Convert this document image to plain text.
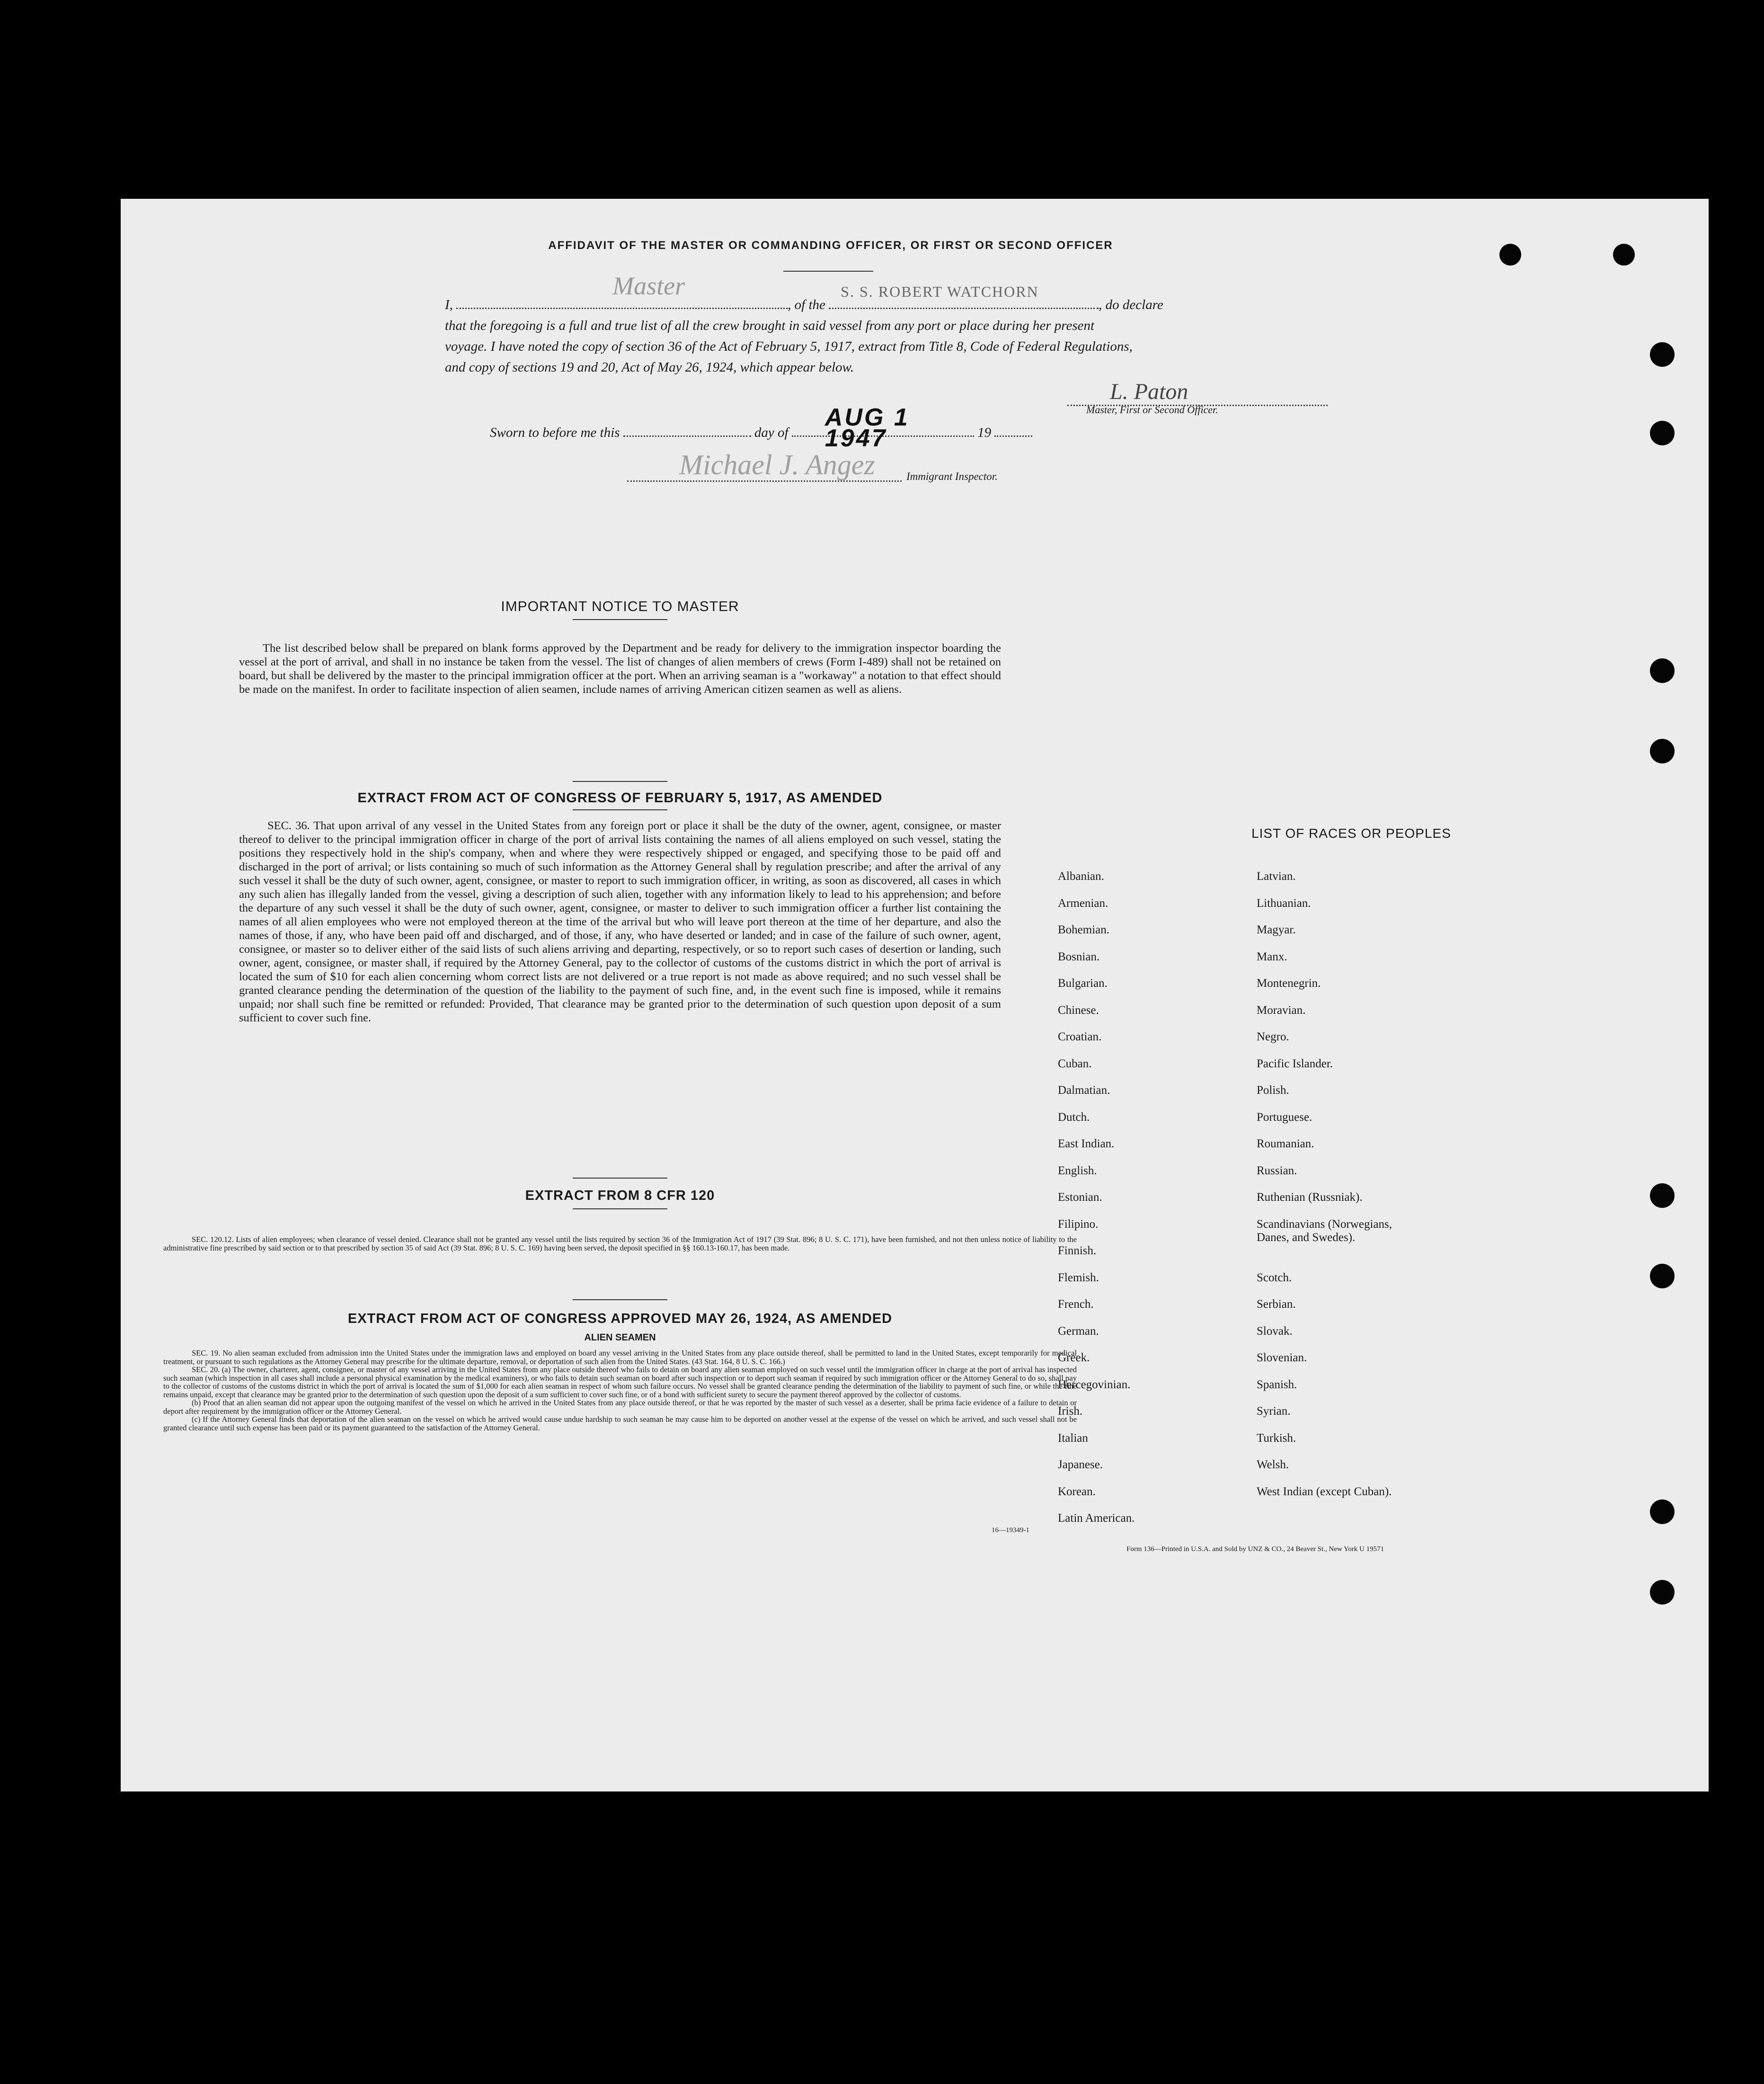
AFFIDAVIT OF THE MASTER OR COMMANDING OFFICER, OR FIRST OR SECOND OFFICER
I,
Master
, of the
S. S. ROBERT WATCHORN
, do declare
that the foregoing is a full and true list of all the crew brought in said vessel from any port or place during her present
voyage. I have noted the copy of section 36 of the Act of February 5, 1917, extract from Title 8, Code of Federal Regulations,
and copy of sections 19 and 20, Act of May 26, 1924, which appear below.
L. Paton
Master, First or Second Officer.
Sworn to before me this	day of
AUG 1 1947	19
Michael J. Angez	Immigrant Inspector.
IMPORTANT NOTICE TO MASTER
The list described below shall be prepared on blank forms approved by the Department and be ready for delivery to the immigration inspector boarding the vessel at the port of arrival, and shall in no instance be taken from the vessel. The list of changes of alien members of crews (Form I-489) shall not be retained on board, but shall be delivered by the master to the principal immigration officer at the port. When an arriving seaman is a "workaway" a notation to that effect should be made on the manifest. In order to facilitate inspection of alien seamen, include names of arriving American citizen seamen as well as aliens.
EXTRACT FROM ACT OF CONGRESS OF FEBRUARY 5, 1917, AS AMENDED
SEC. 36. That upon arrival of any vessel in the United States from any foreign port or place it shall be the duty of the owner, agent, consignee, or master thereof to deliver to the principal immigration officer in charge of the port of arrival lists containing the names of all aliens employed on such vessel, stating the positions they respectively hold in the ship's company, when and where they were respectively shipped or engaged, and specifying those to be paid off and discharged in the port of arrival; or lists containing so much of such information as the Attorney General shall by regulation prescribe; and after the arrival of any such vessel it shall be the duty of such owner, agent, consignee, or master to report to such immigration officer, in writing, as soon as discovered, all cases in which any such alien has illegally landed from the vessel, giving a description of such alien, together with any information likely to lead to his apprehension; and before the departure of any such vessel it shall be the duty of such owner, agent, consignee, or master to deliver to such immigration officer a further list containing the names of all alien employees who were not employed thereon at the time of the arrival but who will leave port thereon at the time of her departure, and also the names of those, if any, who have been paid off and discharged, and of those, if any, who have deserted or landed; and in case of the failure of such owner, agent, consignee, or master so to deliver either of the said lists of such aliens arriving and departing, respectively, or so to report such cases of desertion or landing, such owner, agent, consignee, or master shall, if required by the Attorney General, pay to the collector of customs of the customs district in which the port of arrival is located the sum of $10 for each alien concerning whom correct lists are not delivered or a true report is not made as above required; and no such vessel shall be granted clearance pending the determination of the question of the liability to the payment of such fine, and, in the event such fine is imposed, while it remains unpaid; nor shall such fine be remitted or refunded: Provided, That clearance may be granted prior to the determination of such question upon deposit of a sum sufficient to cover such fine.
EXTRACT FROM 8 CFR 120
SEC. 120.12. Lists of alien employees; when clearance of vessel denied. Clearance shall not be granted any vessel until the lists required by section 36 of the Immigration Act of 1917 (39 Stat. 896; 8 U. S. C. 171), have been furnished, and not then unless notice of liability to the administrative fine prescribed by said section or to that prescribed by section 35 of said Act (39 Stat. 896; 8 U. S. C. 169) having been served, the deposit specified in §§ 160.13-160.17, has been made.
EXTRACT FROM ACT OF CONGRESS APPROVED MAY 26, 1924, AS AMENDED
ALIEN SEAMEN
SEC. 19. No alien seaman excluded from admission into the United States under the immigration laws and employed on board any vessel arriving in the United States from any place outside thereof, shall be permitted to land in the United States, except temporarily for medical treatment, or pursuant to such regulations as the Attorney General may prescribe for the ultimate departure, removal, or deportation of such alien from the United States. (43 Stat. 164, 8 U. S. C. 166.)
SEC. 20. (a) The owner, charterer, agent, consignee, or master of any vessel arriving in the United States from any place outside thereof who fails to detain on board any alien seaman employed on such vessel until the immigration officer in charge at the port of arrival has inspected such seaman (which inspection in all cases shall include a personal physical examination by the medical examiners), or who fails to detain such seaman on board after such inspection or to deport such seaman if required by such immigration officer or the Attorney General to do so, shall pay to the collector of customs of the customs district in which the port of arrival is located the sum of $1,000 for each alien seaman in respect of whom such failure occurs. No vessel shall be granted clearance pending the determination of the liability to payment of such fine, or while the fine remains unpaid, except that clearance may be granted prior to the determination of such question upon the deposit of a sum sufficient to cover such fine, or of a bond with sufficient surety to secure the payment thereof approved by the collector of customs.
(b) Proof that an alien seaman did not appear upon the outgoing manifest of the vessel on which he arrived in the United States from any place outside thereof, or that he was reported by the master of such vessel as a deserter, shall be prima facie evidence of a failure to detain or deport after requirement by the immigration officer or the Attorney General.
(c) If the Attorney General finds that deportation of the alien seaman on the vessel on which he arrived would cause undue hardship to such seaman he may cause him to be deported on another vessel at the expense of the vessel on which he arrived, and such vessel shall not be granted clearance until such expense has been paid or its payment guaranteed to the satisfaction of the Attorney General.
16—19349-1
LIST OF RACES OR PEOPLES
Form 136—Printed in U.S.A. and Sold by UNZ & CO., 24 Beaver St., New York U 19571
Albanian.
Armenian.
Bohemian.
Bosnian.
Bulgarian.
Chinese.
Croatian.
Cuban.
Dalmatian.
Dutch.
East Indian.
English.
Estonian.
Filipino.
Finnish.
Flemish.
French.
German.
Greek.
Hercegovinian.
Irish.
Italian
Japanese.
Korean.
Latin American.
Latvian.
Lithuanian.
Magyar.
Manx.
Montenegrin.
Moravian.
Negro.
Pacific Islander.
Polish.
Portuguese.
Roumanian.
Russian.
Ruthenian (Russniak).
Scandinavians (Norwegians, Danes, and Swedes).
Scotch.
Serbian.
Slovak.
Slovenian.
Spanish.
Syrian.
Turkish.
Welsh.
West Indian (except Cuban).
